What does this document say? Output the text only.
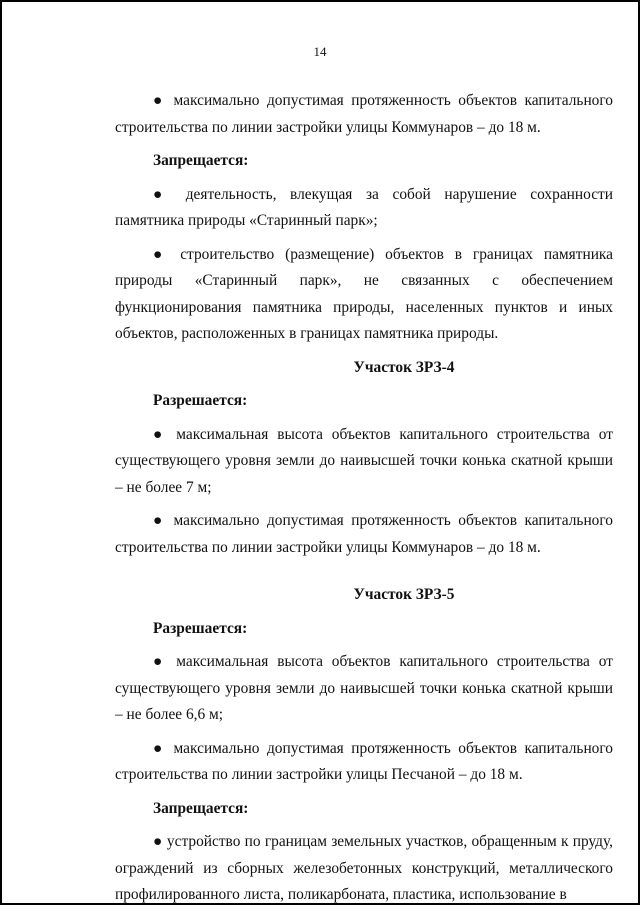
14

● максимально допустимая протяженность объектов капитального строительства по линии застройки улицы Коммунаров – до 18 м.

Запрещается:

● деятельность, влекущая за собой нарушение сохранности памятника природы «Старинный парк»;

● строительство (размещение) объектов в границах памятника природы «Старинный парк», не связанных с обеспечением функционирования памятника природы, населенных пунктов и иных объектов, расположенных в границах памятника природы.

Участок ЗРЗ-4

Разрешается:

● максимальная высота объектов капитального строительства от существующего уровня земли до наивысшей точки конька скатной крыши – не более 7 м;

● максимально допустимая протяженность объектов капитального строительства по линии застройки улицы Коммунаров – до 18 м.

Участок ЗРЗ-5

Разрешается:

● максимальная высота объектов капитального строительства от существующего уровня земли до наивысшей точки конька скатной крыши – не более 6,6 м;

● максимально допустимая протяженность объектов капитального строительства по линии застройки улицы Песчаной – до 18 м.

Запрещается:

● устройство по границам земельных участков, обращенным к пруду, ограждений из сборных железобетонных конструкций, металлического профилированного листа, поликарбоната, пластика, использование в
